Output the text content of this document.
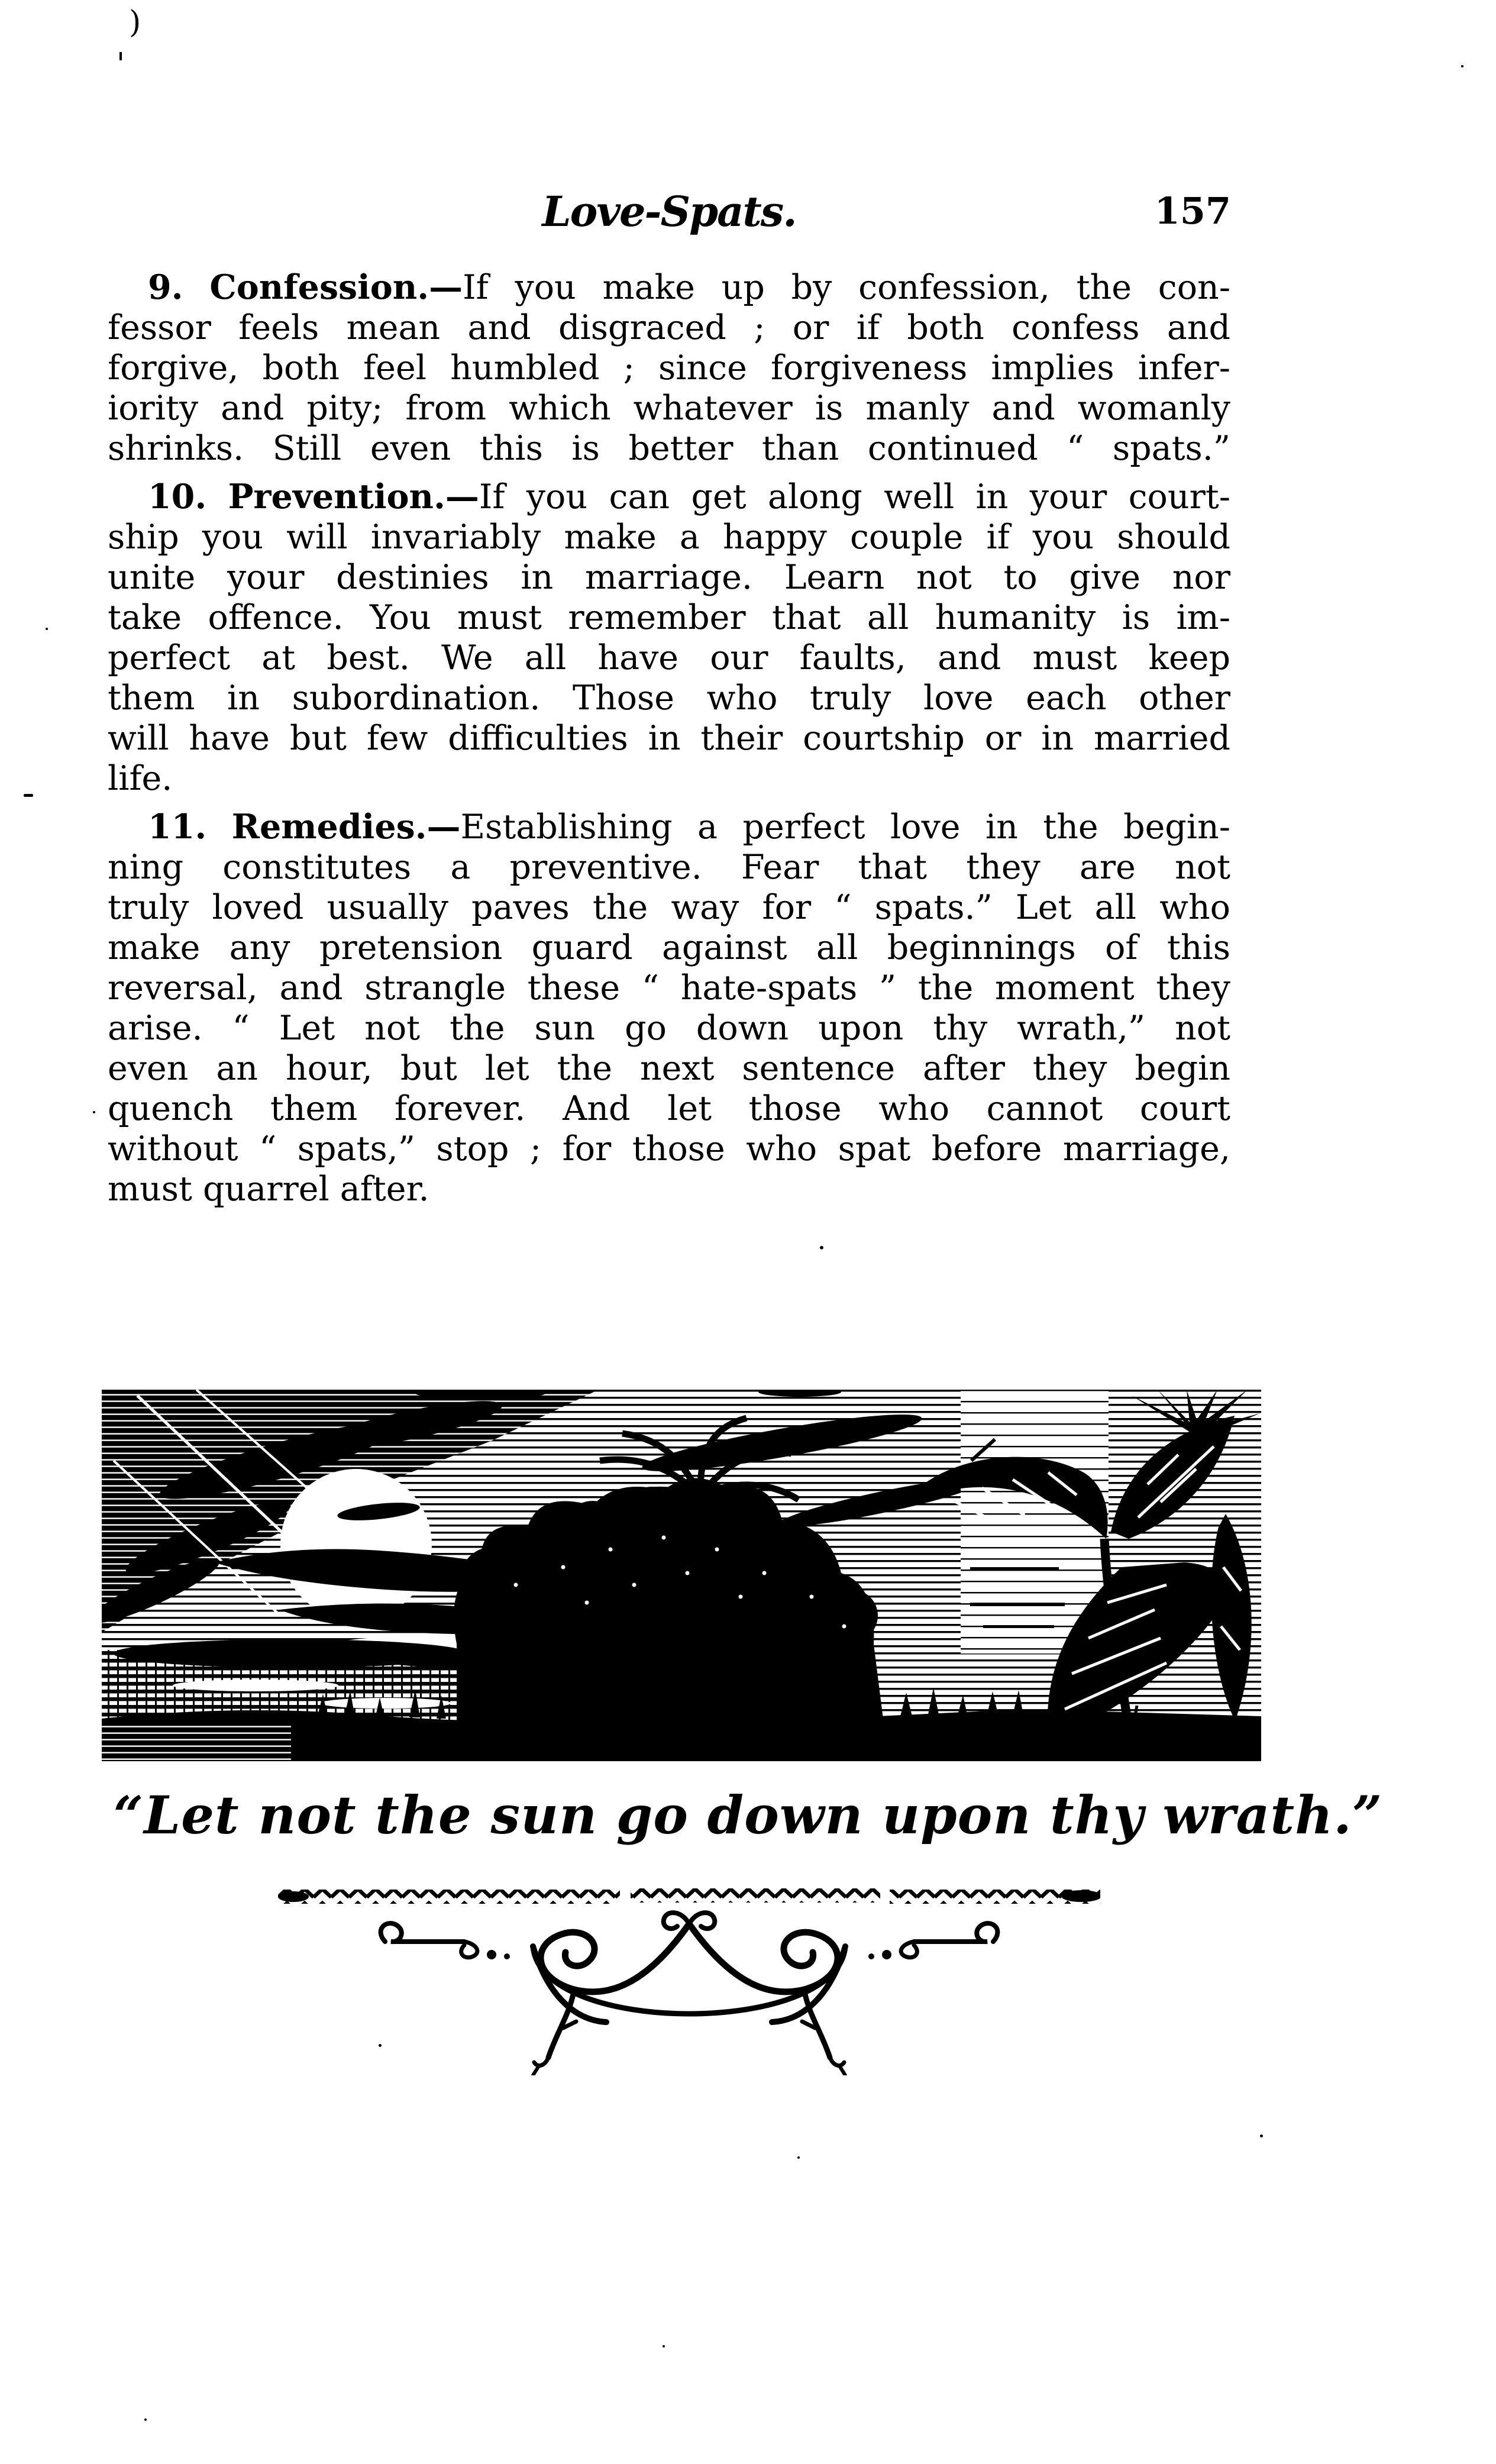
)
Love-Spats.	157

9. Confession.—If you make up by confession, the con-
fessor feels mean and disgraced ; or if both confess and
forgive, both feel humbled ; since forgiveness implies infer-
iority and pity; from which whatever is manly and womanly
shrinks. Still even this is better than continued “ spats.”

10. Prevention.—If you can get along well in your court-
ship you will invariably make a happy couple if you should
unite your destinies in marriage. Learn not to give nor
take offence. You must remember that all humanity is im-
perfect at best. We all have our faults, and must keep
them in subordination. Those who truly love each other
will have but few difficulties in their courtship or in married
life.

11. Remedies.—Establishing a perfect love in the begin-
ning constitutes a preventive. Fear that they are not
truly loved usually paves the way for “ spats.” Let all who
make any pretension guard against all beginnings of this
reversal, and strangle these “ hate-spats ” the moment they
arise. “ Let not the sun go down upon thy wrath,” not
even an hour, but let the next sentence after they begin
quench them forever. And let those who cannot court
without “ spats,” stop ; for those who spat before marriage,
must quarrel after.

“Let not the sun go down upon thy wrath.”
